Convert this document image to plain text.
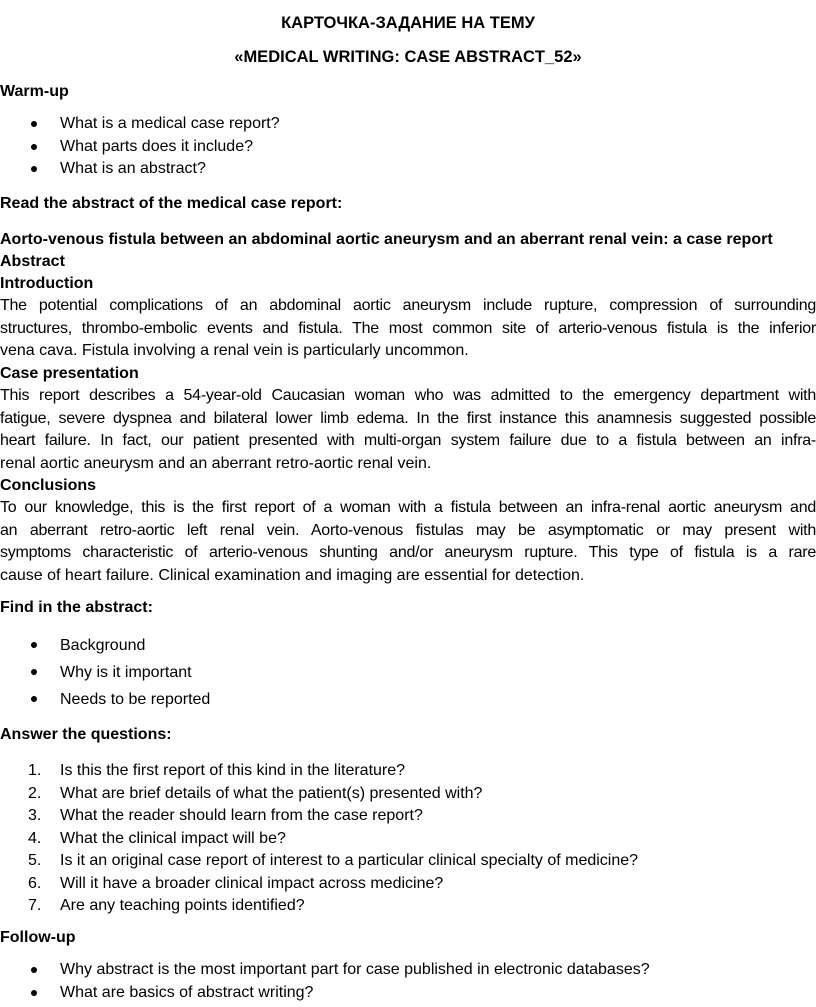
КАРТОЧКА-ЗАДАНИЕ НА ТЕМУ
«MEDICAL WRITING: CASE ABSTRACT_52»
Warm-up
What is a medical case report?
What parts does it include?
What is an abstract?
Read the abstract of the medical case report:
Aorto-venous fistula between an abdominal aortic aneurysm and an aberrant renal vein: a case report
Abstract
Introduction
The potential complications of an abdominal aortic aneurysm include rupture, compression of surrounding
structures, thrombo-embolic events and fistula. The most common site of arterio-venous fistula is the inferior
vena cava. Fistula involving a renal vein is particularly uncommon.
Case presentation
This report describes a 54-year-old Caucasian woman who was admitted to the emergency department with
fatigue, severe dyspnea and bilateral lower limb edema. In the first instance this anamnesis suggested possible
heart failure. In fact, our patient presented with multi-organ system failure due to a fistula between an infra-
renal aortic aneurysm and an aberrant retro-aortic renal vein.
Conclusions
To our knowledge, this is the first report of a woman with a fistula between an infra-renal aortic aneurysm and
an aberrant retro-aortic left renal vein. Aorto-venous fistulas may be asymptomatic or may present with
symptoms characteristic of arterio-venous shunting and/or aneurysm rupture. This type of fistula is a rare
cause of heart failure. Clinical examination and imaging are essential for detection.
Find in the abstract:
Background
Why is it important
Needs to be reported
Answer the questions:
1. Is this the first report of this kind in the literature?
2. What are brief details of what the patient(s) presented with?
3. What the reader should learn from the case report?
4. What the clinical impact will be?
5. Is it an original case report of interest to a particular clinical specialty of medicine?
6. Will it have a broader clinical impact across medicine?
7. Are any teaching points identified?
Follow-up
Why abstract is the most important part for case published in electronic databases?
What are basics of abstract writing?
